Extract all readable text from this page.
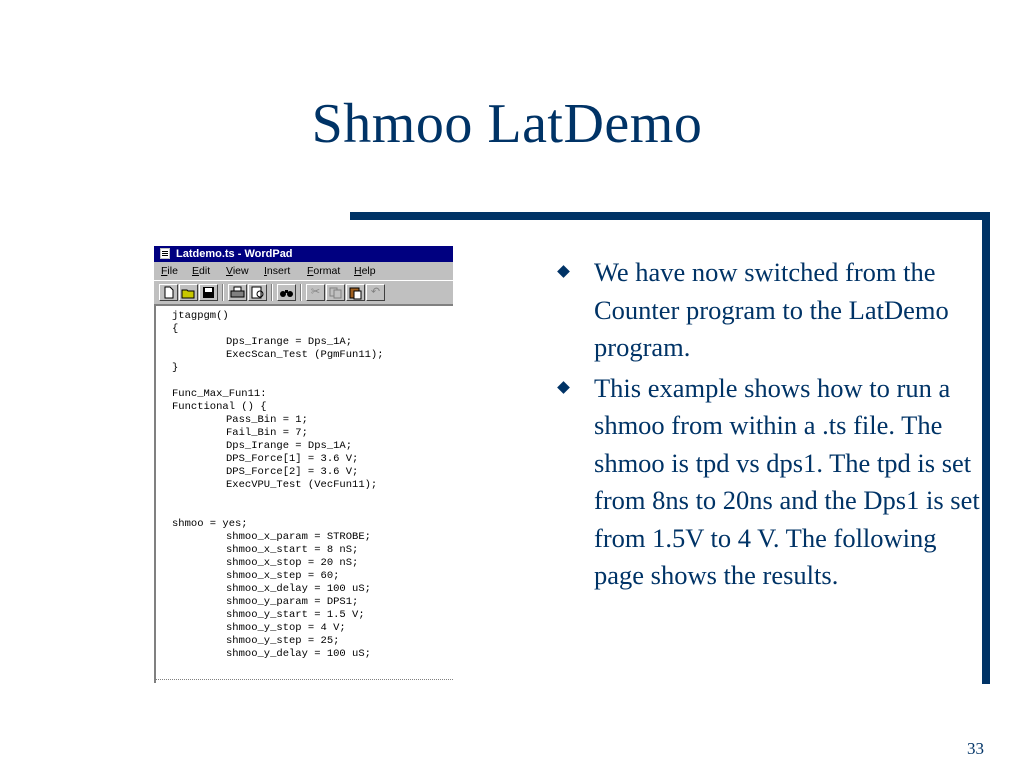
Shmoo LatDemo
Latdemo.ts - WordPad
File Edit View Insert Format Help
✂	↶
jtagpgm()
{
Dps_Irange = Dps_1A;
ExecScan_Test (PgmFun11);
}
Func_Max_Fun11:
Functional () {
Pass_Bin = 1;
Fail_Bin = 7;
Dps_Irange = Dps_1A;
DPS_Force[1] = 3.6 V;
DPS_Force[2] = 3.6 V;
ExecVPU_Test (VecFun11);
shmoo = yes;
shmoo_x_param = STROBE;
shmoo_x_start = 8 nS;
shmoo_x_stop = 20 nS;
shmoo_x_step = 60;
shmoo_x_delay = 100 uS;
shmoo_y_param = DPS1;
shmoo_y_start = 1.5 V;
shmoo_y_stop = 4 V;
shmoo_y_step = 25;
shmoo_y_delay = 100 uS;
We have now switched from the Counter program to the LatDemo program.
This example shows how to run a shmoo from within a .ts file. The shmoo is tpd vs dps1. The tpd is set from 8ns to 20ns and the Dps1 is set from 1.5V to 4 V. The following page shows the results.
33
